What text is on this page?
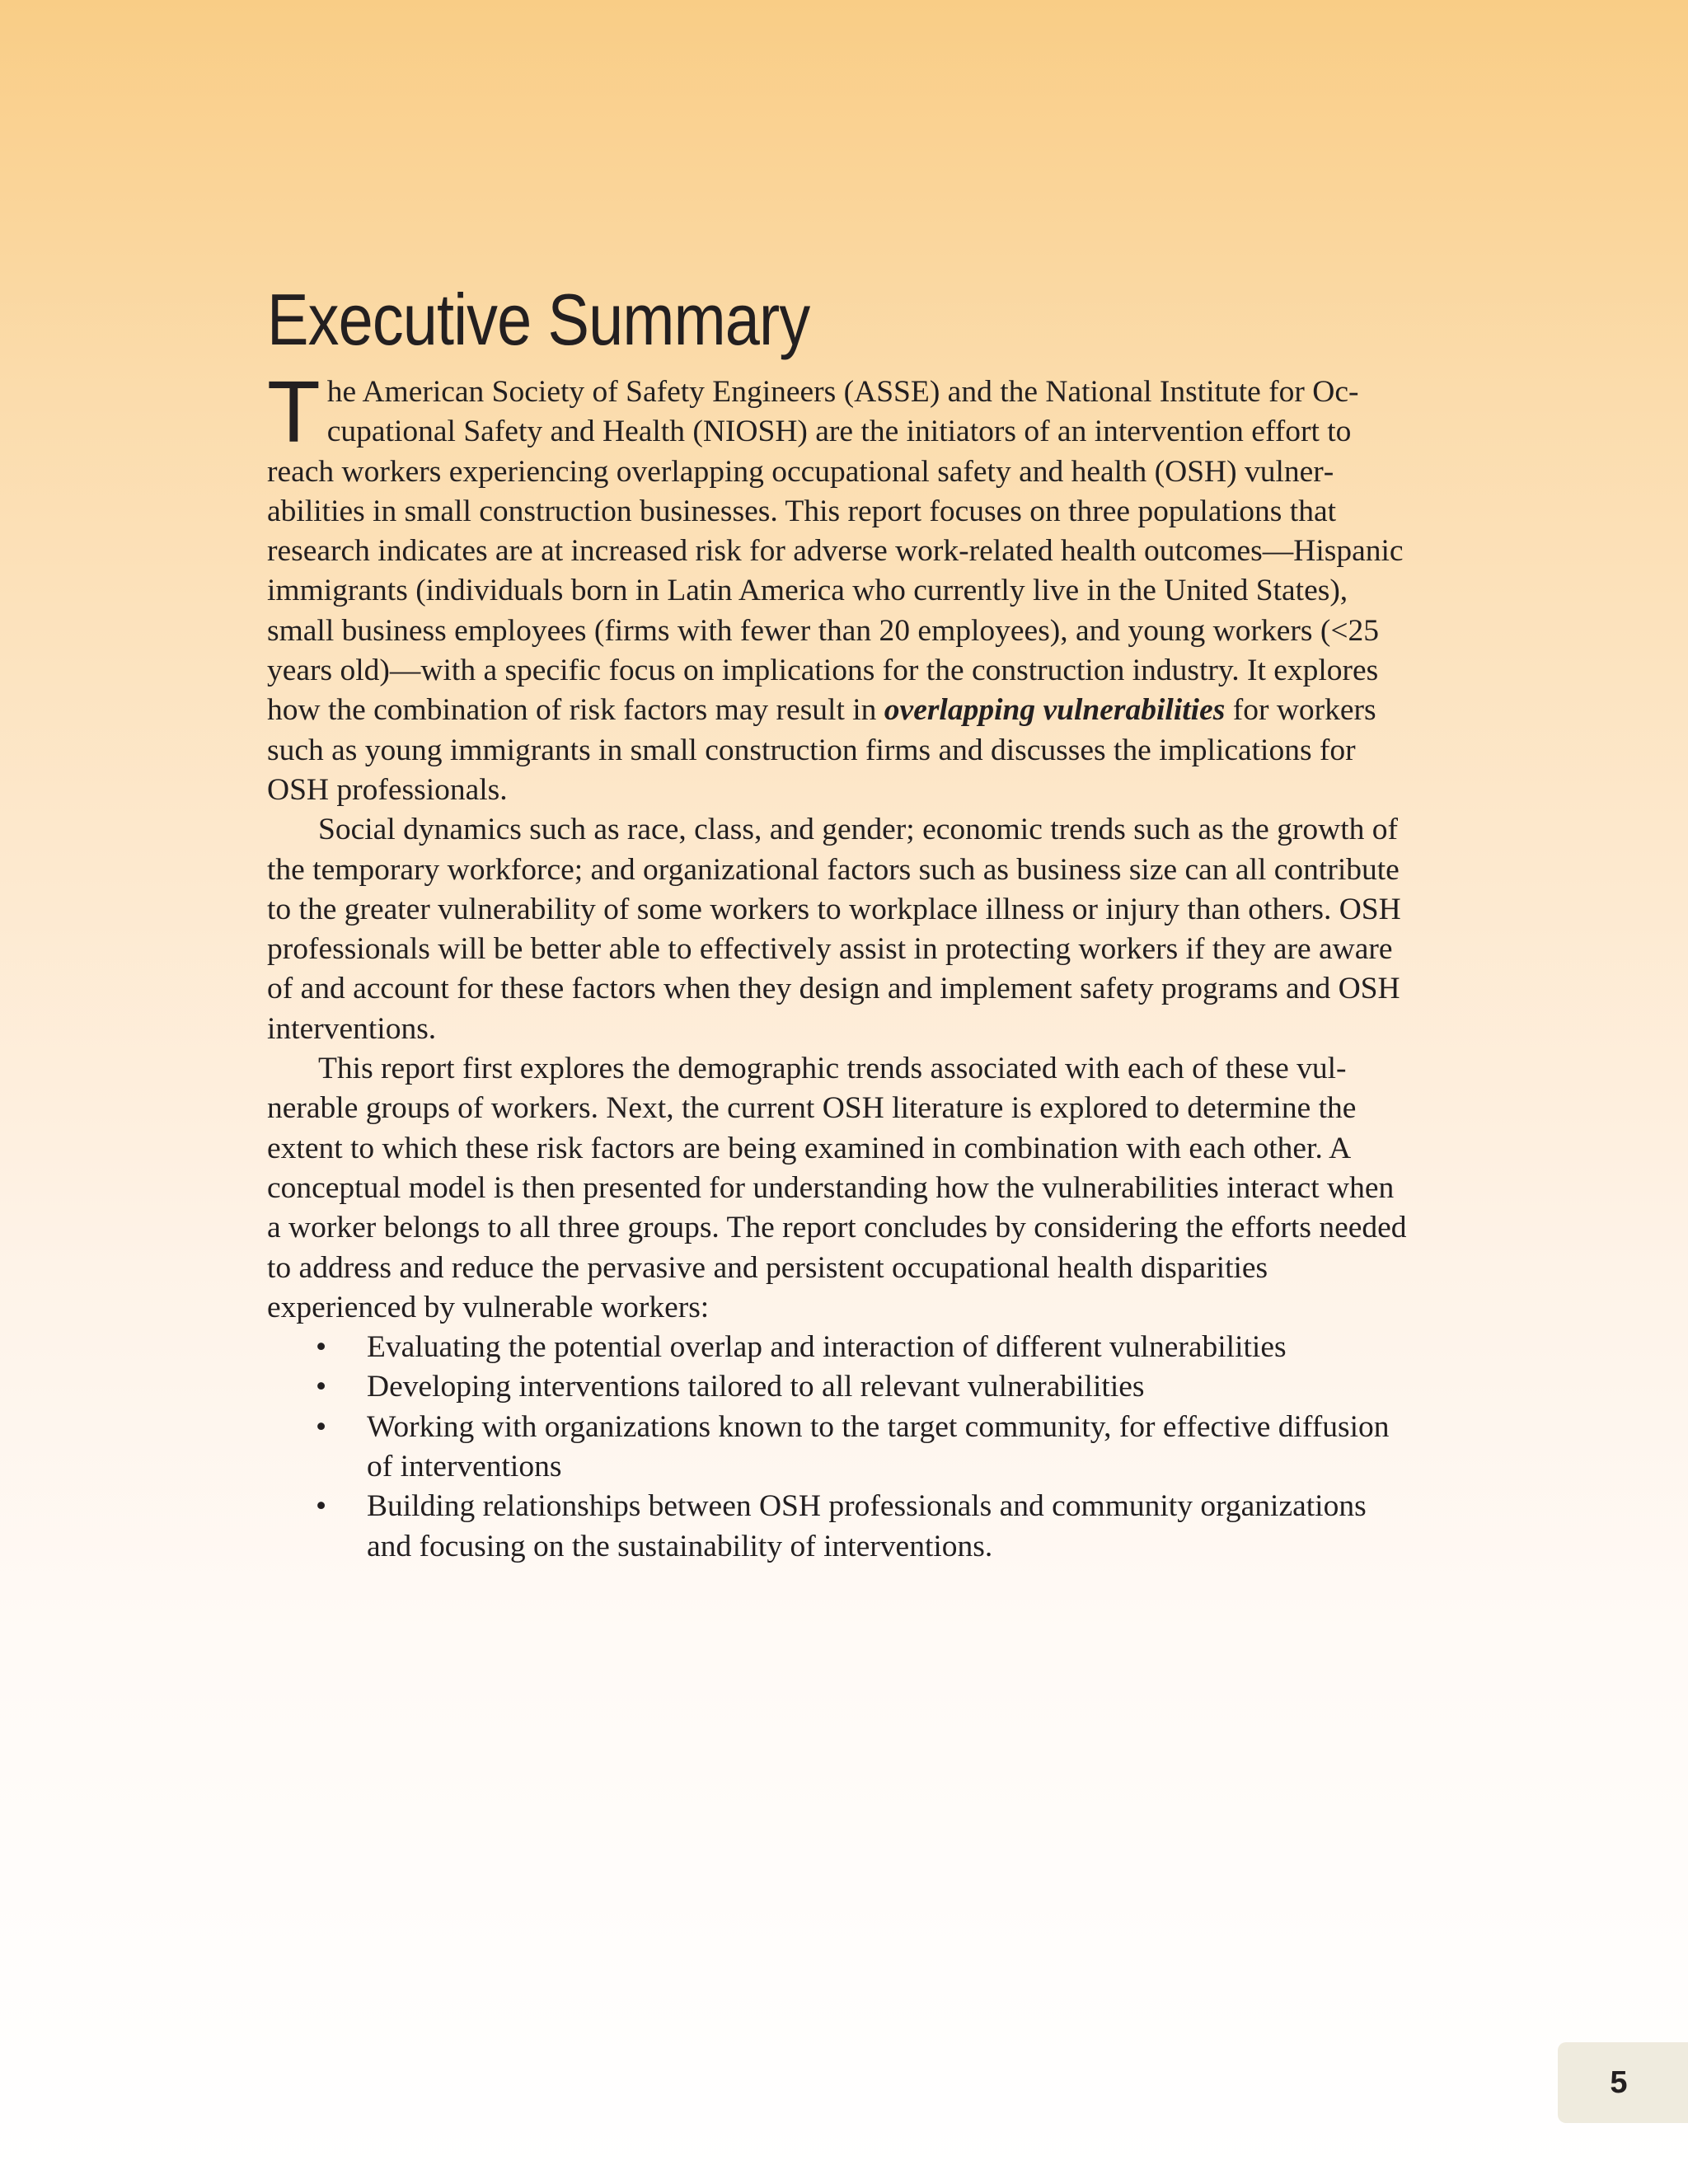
Executive Summary

The American Society of Safety Engineers (ASSE) and the National Institute for Occupational Safety and Health (NIOSH) are the initiators of an intervention effort to reach workers experiencing overlapping occupational safety and health (OSH) vulnerabilities in small construction businesses. This report focuses on three populations that research indicates are at increased risk for adverse work-related health outcomes—Hispanic immigrants (individuals born in Latin America who currently live in the United States), small business employees (firms with fewer than 20 employees), and young workers (<25 years old)—with a specific focus on implications for the construction industry. It explores how the combination of risk factors may result in overlapping vulnerabilities for workers such as young immigrants in small construction firms and discusses the implications for OSH professionals.

Social dynamics such as race, class, and gender; economic trends such as the growth of the temporary workforce; and organizational factors such as business size can all contribute to the greater vulnerability of some workers to workplace illness or injury than others. OSH professionals will be better able to effectively assist in protecting workers if they are aware of and account for these factors when they design and implement safety programs and OSH interventions.

This report first explores the demographic trends associated with each of these vulnerable groups of workers. Next, the current OSH literature is explored to determine the extent to which these risk factors are being examined in combination with each other. A conceptual model is then presented for understanding how the vulnerabilities interact when a worker belongs to all three groups. The report concludes by considering the efforts needed to address and reduce the pervasive and persistent occupational health disparities experienced by vulnerable workers:

• Evaluating the potential overlap and interaction of different vulnerabilities
• Developing interventions tailored to all relevant vulnerabilities
• Working with organizations known to the target community, for effective diffusion of interventions
• Building relationships between OSH professionals and community organizations and focusing on the sustainability of interventions.
5
